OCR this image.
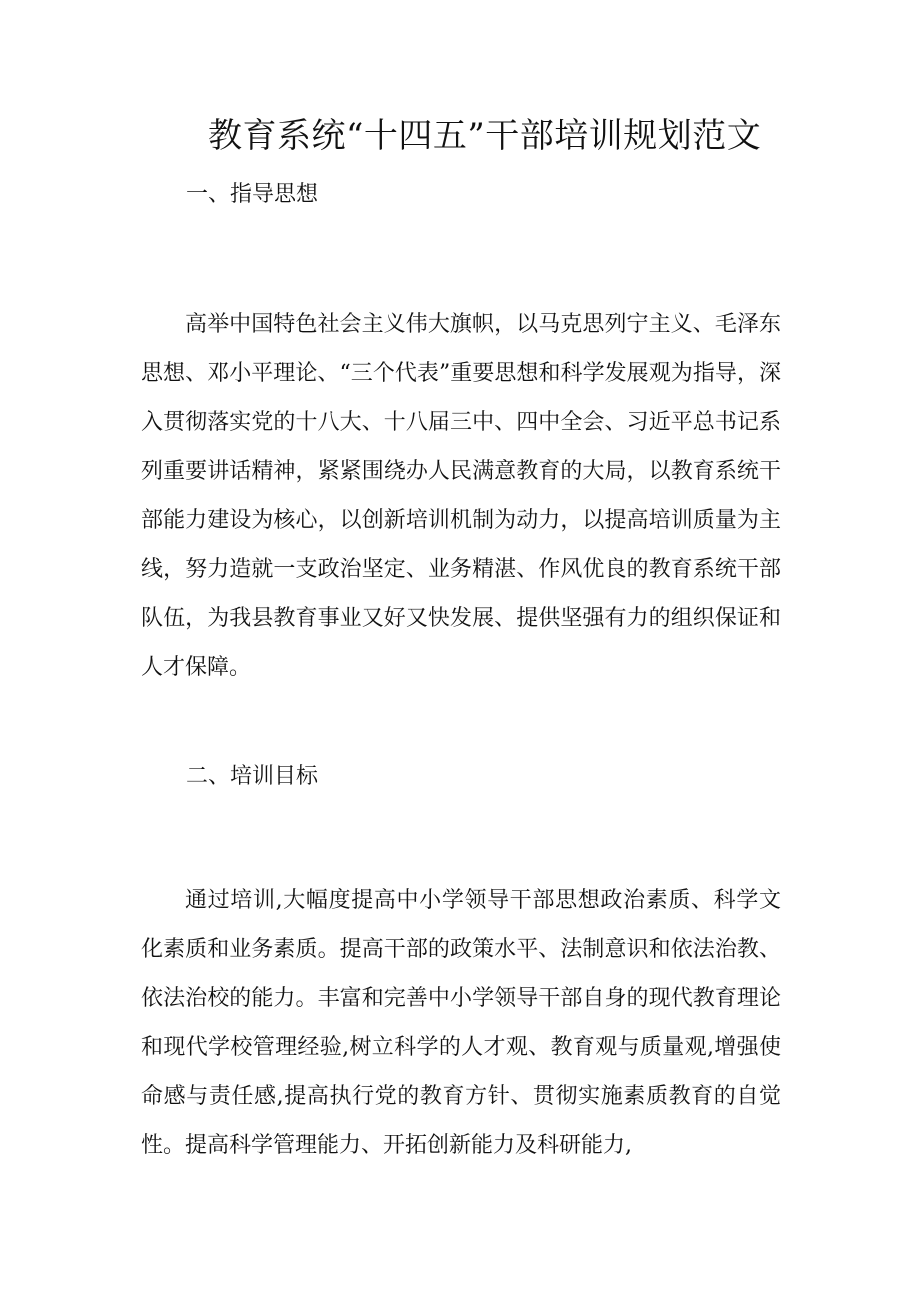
教育系统“十四五”干部培训规划范文
一、指导思想

高举中国特色社会主义伟大旗帜，以马克思列宁主义、毛泽东思想、邓小平理论、“三个代表”重要思想和科学发展观为指导，深入贯彻落实党的十八大、十八届三中、四中全会、习近平总书记系列重要讲话精神，紧紧围绕办人民满意教育的大局，以教育系统干部能力建设为核心，以创新培训机制为动力，以提高培训质量为主线，努力造就一支政治坚定、业务精湛、作风优良的教育系统干部队伍，为我县教育事业又好又快发展、提供坚强有力的组织保证和人才保障。

二、培训目标

通过培训,大幅度提高中小学领导干部思想政治素质、科学文化素质和业务素质。提高干部的政策水平、法制意识和依法治教、依法治校的能力。丰富和完善中小学领导干部自身的现代教育理论和现代学校管理经验,树立科学的人才观、教育观与质量观,增强使命感与责任感,提高执行党的教育方针、贯彻实施素质教育的自觉性。提高科学管理能力、开拓创新能力及科研能力,
